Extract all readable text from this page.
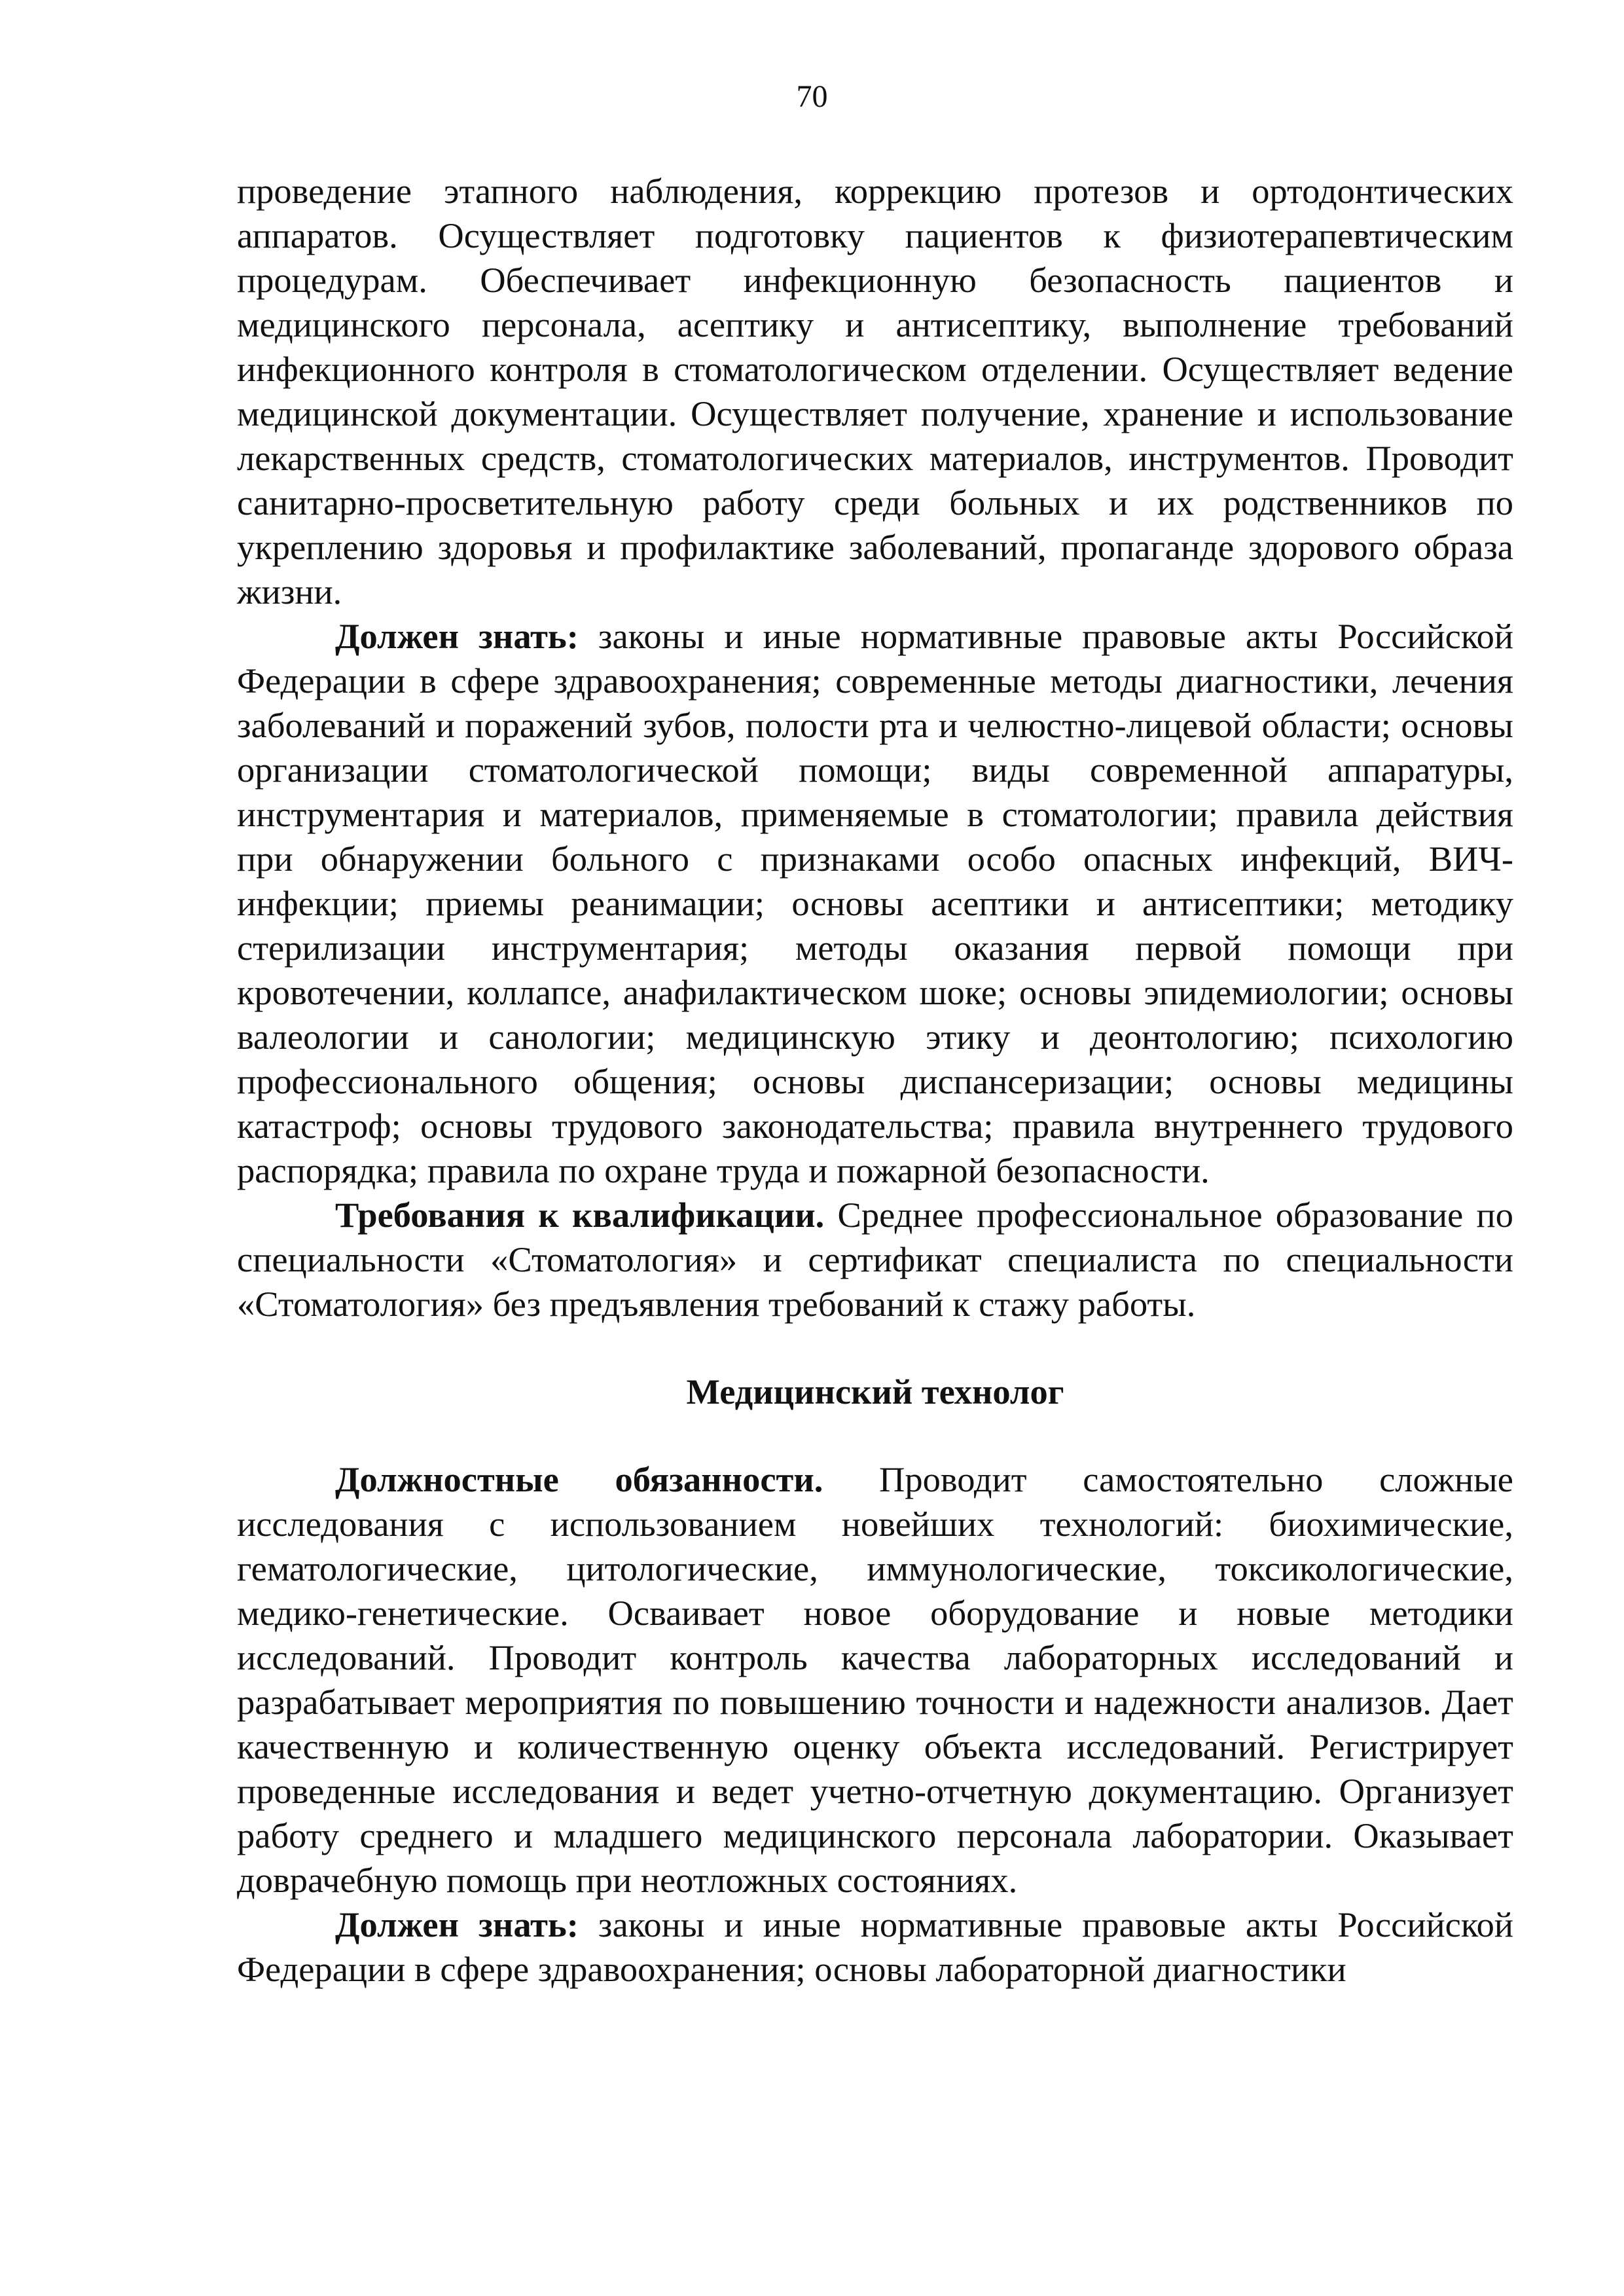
70

проведение этапного наблюдения, коррекцию протезов и ортодонтических аппаратов. Осуществляет подготовку пациентов к физиотерапевтическим процедурам. Обеспечивает инфекционную безопасность пациентов и медицинского персонала, асептику и антисептику, выполнение требований инфекционного контроля в стоматологическом отделении. Осуществляет ведение медицинской документации. Осуществляет получение, хранение и использование лекарственных средств, стоматологических материалов, инструментов. Проводит санитарно-просветительную работу среди больных и их родственников по укреплению здоровья и профилактике заболеваний, пропаганде здорового образа жизни.

Должен знать: законы и иные нормативные правовые акты Российской Федерации в сфере здравоохранения; современные методы диагностики, лечения заболеваний и поражений зубов, полости рта и челюстно-лицевой области; основы организации стоматологической помощи; виды современной аппаратуры, инструментария и материалов, применяемые в стоматологии; правила действия при обнаружении больного с признаками особо опасных инфекций, ВИЧ-инфекции; приемы реанимации; основы асептики и антисептики; методику стерилизации инструментария; методы оказания первой помощи при кровотечении, коллапсе, анафилактическом шоке; основы эпидемиологии; основы валеологии и санологии; медицинскую этику и деонтологию; психологию профессионального общения; основы диспансеризации; основы медицины катастроф; основы трудового законодательства; правила внутреннего трудового распорядка; правила по охране труда и пожарной безопасности.

Требования к квалификации. Среднее профессиональное образование по специальности «Стоматология» и сертификат специалиста по специальности «Стоматология» без предъявления требований к стажу работы.

Медицинский технолог

Должностные обязанности. Проводит самостоятельно сложные исследования с использованием новейших технологий: биохимические, гематологические, цитологические, иммунологические, токсикологические, медико-генетические. Осваивает новое оборудование и новые методики исследований. Проводит контроль качества лабораторных исследований и разрабатывает мероприятия по повышению точности и надежности анализов. Дает качественную и количественную оценку объекта исследований. Регистрирует проведенные исследования и ведет учетно-отчетную документацию. Организует работу среднего и младшего медицинского персонала лаборатории. Оказывает доврачебную помощь при неотложных состояниях.

Должен знать: законы и иные нормативные правовые акты Российской Федерации в сфере здравоохранения; основы лабораторной диагностики
